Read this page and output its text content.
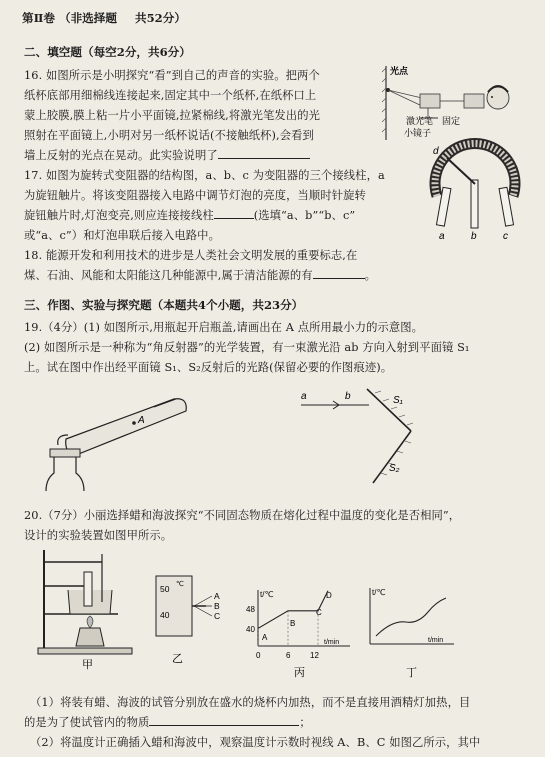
第Ⅱ卷 （非选择题 共52分）
二、填空题（每空2分，共6分）
16. 如图所示是小明探究“看”到自己的声音的实验。把两个
纸杯底部用细棉线连接起来,固定其中一个纸杯,在纸杯口上
蒙上胶膜,膜上粘一片小平面镜,拉紧棉线,将激光笔发出的光
照射在平面镜上,小明对另一纸杯说话(不接触纸杯),会看到
墙上反射的光点在晃动。此实验说明了
光点
激光笔
小镜子
固定
17. 如图为旋转式变阻器的结构图，a、b、c 为变阻器的三个接线柱，a
为旋钮触片。将该变阻器接入电路中调节灯泡的亮度，当顺时针旋转
旋钮触片时,灯泡变亮,则应连接接线柱	(选填“a、b”“b、c”
或“a、c”）和灯泡串联后接入电路中。
d
a	b	c
18. 能源开发和利用技术的进步是人类社会文明发展的重要标志,在
煤、石油、风能和太阳能这几种能源中,属于清洁能源的有	。
三、作图、实验与探究题（本题共4个小题，共23分）
19.（4分）(1) 如图所示,用瓶起开启瓶盖,请画出在 A 点所用最小力的示意图。
(2) 如图所示是一种称为“角反射器”的光学装置，有一束激光沿 ab 方向入射到平面镜 S₁
上。试在图中作出经平面镜 S₁、S₂反射后的光路(保留必要的作图痕迹)。
A
a	b	S₁
S₂
20.（7分）小丽选择蜡和海波探究“不同固态物质在熔化过程中温度的变化是否相同”，
设计的实验装置如图甲所示。
甲
50
40
℃
A
B
C
乙
t/℃
t/min
48
40
0	6 12
A
B
C
D
丙
t/℃
t/min
丁
（1）将装有蜡、海波的试管分别放在盛水的烧杯内加热，而不是直接用酒精灯加热，目
的是为了使试管内的物质	；
（2）将温度计正确插入蜡和海波中，观察温度计示数时视线 A、B、C 如图乙所示，其中
